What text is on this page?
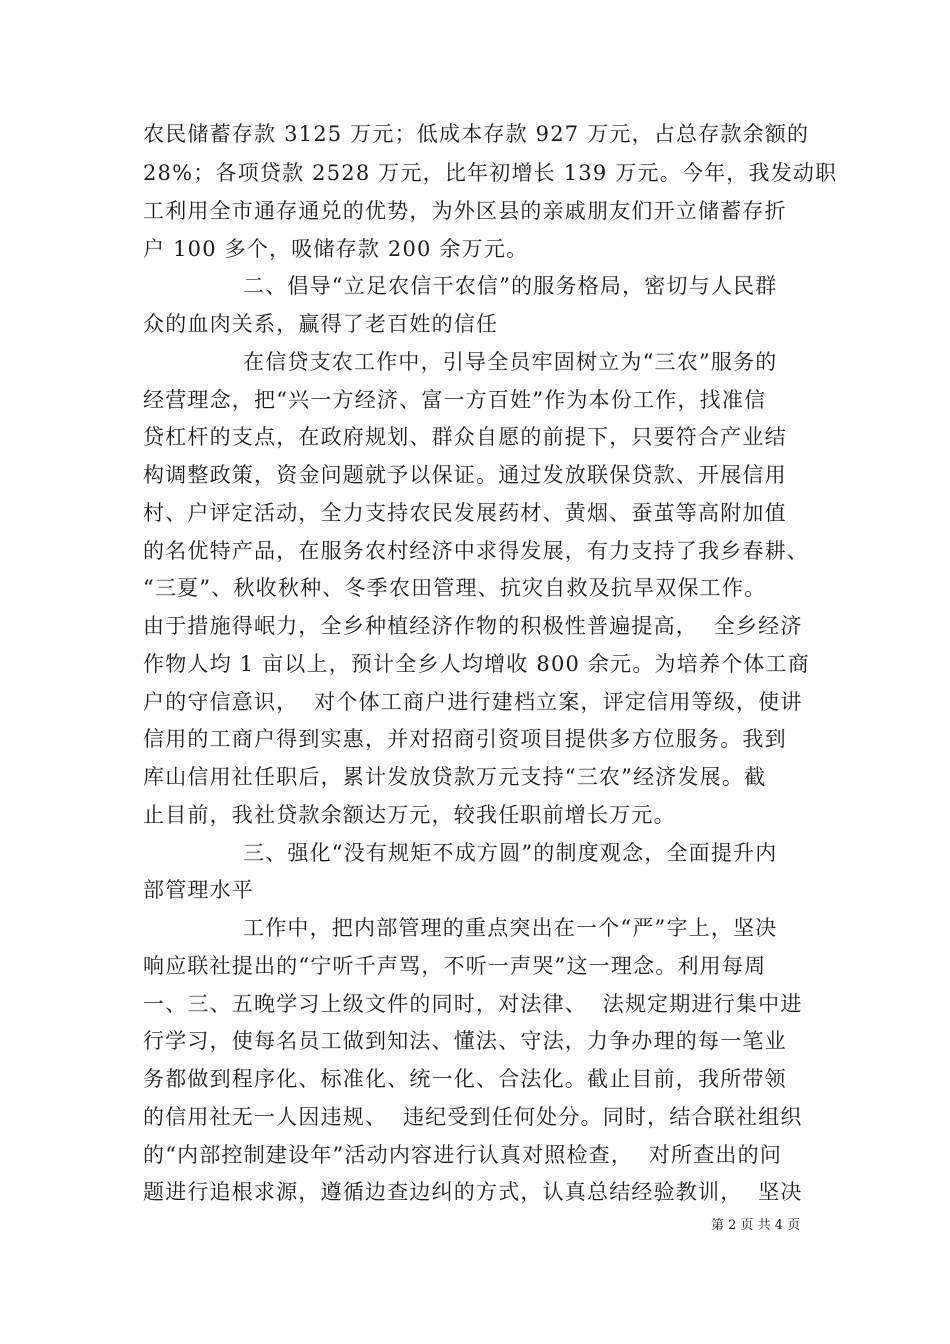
农民储蓄存款 3125 万元；低成本存款 927 万元，占总存款余额的
28%；各项贷款 2528 万元，比年初增长 139 万元。今年，我发动职
工利用全市通存通兑的优势，为外区县的亲戚朋友们开立储蓄存折
户 100 多个，吸储存款 200 余万元。
二、倡导“立足农信干农信”的服务格局，密切与人民群
众的血肉关系，赢得了老百姓的信任
在信贷支农工作中，引导全员牢固树立为“三农”服务的
经营理念，把“兴一方经济、富一方百姓”作为本份工作，找准信
贷杠杆的支点，在政府规划、群众自愿的前提下，只要符合产业结
构调整政策，资金问题就予以保证。通过发放联保贷款、开展信用
村、户评定活动，全力支持农民发展药材、黄烟、蚕茧等高附加值
的名优特产品，在服务农村经济中求得发展，有力支持了我乡春耕、
“三夏”、秋收秋种、冬季农田管理、抗灾自救及抗旱双保工作。
由于措施得岷力，全乡种植经济作物的积极性普遍提高，  全乡经济
作物人均 1 亩以上，预计全乡人均增收 800 余元。为培养个体工商
户的守信意识，  对个体工商户进行建档立案，评定信用等级，使讲
信用的工商户得到实惠，并对招商引资项目提供多方位服务。我到
库山信用社任职后，累计发放贷款万元支持“三农”经济发展。截
止目前，我社贷款余额达万元，较我任职前增长万元。
三、强化“没有规矩不成方圆”的制度观念，全面提升内
部管理水平
工作中，把内部管理的重点突出在一个“严”字上，坚决
响应联社提出的“宁听千声骂，不听一声哭”这一理念。利用每周
一、三、五晚学习上级文件的同时，对法律、  法规定期进行集中进
行学习，使每名员工做到知法、懂法、守法，力争办理的每一笔业
务都做到程序化、标准化、统一化、合法化。截止目前，我所带领
的信用社无一人因违规、  违纪受到任何处分。同时，结合联社组织
的“内部控制建设年”活动内容进行认真对照检查，  对所查出的问
题进行追根求源，遵循边查边纠的方式，认真总结经验教训，  坚决
第 2 页 共 4 页
